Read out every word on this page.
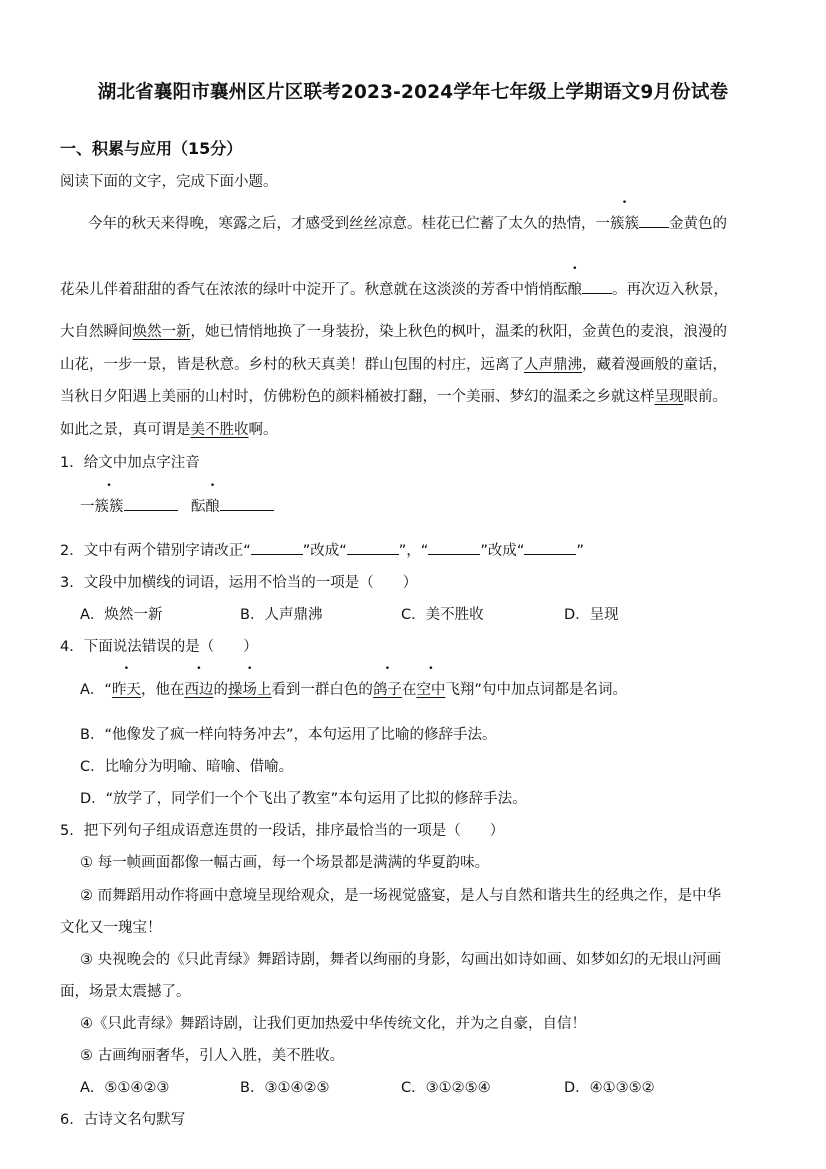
湖北省襄阳市襄州区片区联考2023-2024学年七年级上学期语文9月份试卷
一、积累与应用（15分）
阅读下面的文字，完成下面小题。
今年的秋天来得晚，寒露之后，才感受到丝丝凉意。桂花已伫蓄了太久的热情，一簇簇 金黄色的
花朵儿伴着甜甜的香气在浓浓的绿叶中淀开了。秋意就在这淡淡的芳香中悄悄酝酿 。再次迈入秋景，
大自然瞬间焕然一新，她已情悄地换了一身装扮，染上秋色的枫叶，温柔的秋阳，金黄色的麦浪，浪漫的
山花，一步一景，皆是秋意。乡村的秋天真美！群山包围的村庄，远离了人声鼎沸，藏着漫画般的童话，
当秋日夕阳遇上美丽的山村时，仿佛粉色的颜料桶被打翻，一个美丽、梦幻的温柔之乡就这样呈现眼前。
如此之景，真可谓是美不胜收啊。
1．给文中加点字注音
一簇簇	酝酿
2．文中有两个错别字请改正“	”改成“	”，“	”改成“	”
3．文段中加横线的词语，运用不恰当的一项是（　　）
A．焕然一新	B．人声鼎沸	C．美不胜收	D．呈现
4．下面说法错误的是（　　）
A．“昨天，他在西边的操场上看到一群白色的鸽子在空中飞翔”句中加点词都是名词。
B．“他像发了疯一样向特务冲去”，本句运用了比喻的修辞手法。
C．比喻分为明喻、暗喻、借喻。
D．“放学了，同学们一个个飞出了教室”本句运用了比拟的修辞手法。
5．把下列句子组成语意连贯的一段话，排序最恰当的一项是（　　）
① 每一帧画面都像一幅古画，每一个场景都是满满的华夏韵味。
② 而舞蹈用动作将画中意境呈现给观众，是一场视觉盛宴，是人与自然和谐共生的经典之作，是中华
文化又一瑰宝！
③ 央视晚会的《只此青绿》舞蹈诗剧，舞者以绚丽的身影，勾画出如诗如画、如梦如幻的无垠山河画
面，场景太震撼了。
④《只此青绿》舞蹈诗剧，让我们更加热爱中华传统文化，并为之自豪，自信！
⑤ 古画绚丽奢华，引人入胜，美不胜收。
A．⑤①④②③	B．③①④②⑤	C．③①②⑤④	D．④①③⑤②
6．古诗文名句默写
